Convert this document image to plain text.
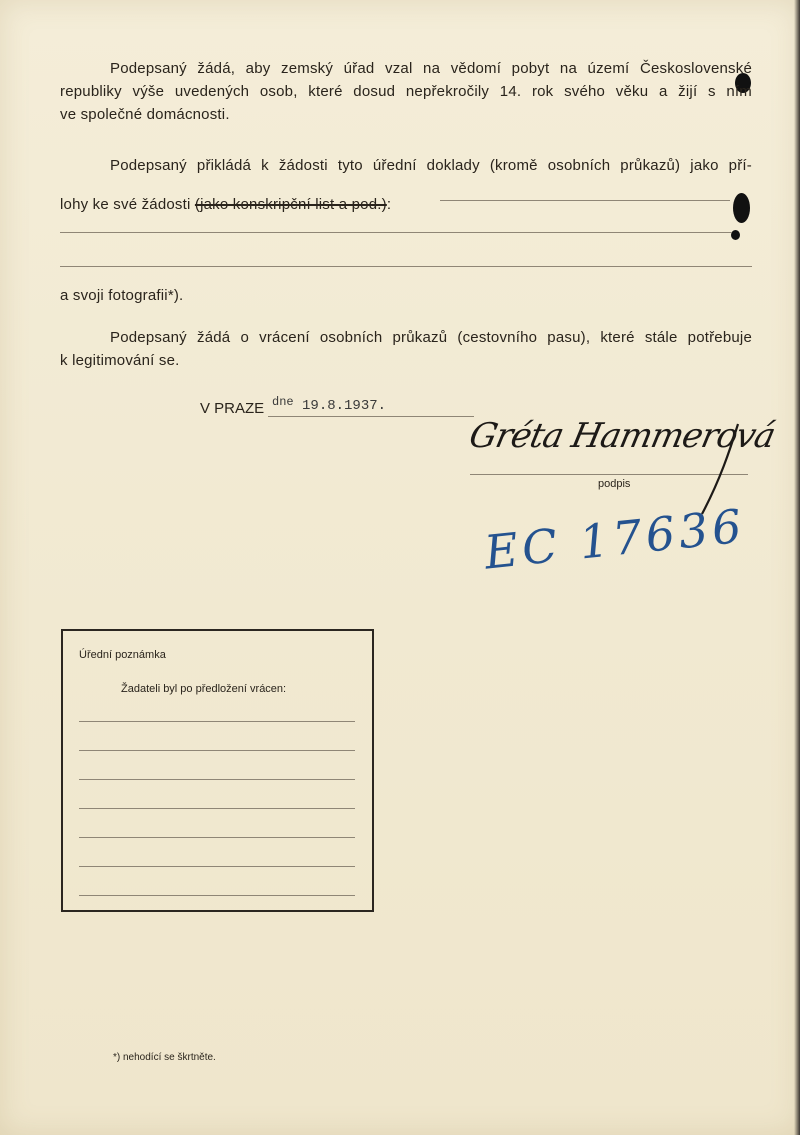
Podepsaný žádá, aby zemský úřad vzal na vědomí pobyt na území Československé
republiky výše uvedených osob, které dosud nepřekročily 14. rok svého věku a žijí s ním
ve společné domácnosti.
Podepsaný přikládá k žádosti tyto úřední doklady (kromě osobních průkazů) jako pří-
lohy ke své žádosti (jako konskripční list a pod.):
a svoji fotografii*).
Podepsaný žádá o vrácení osobních průkazů (cestovního pasu), které stále potřebuje
k legitimování se.
V PRAZE dne 19.8.1937.
Gréta Hammerová
podpis
EC 17636
Úřední poznámka
Žadateli byl po předložení vrácen:
*) nehodící se škrtněte.
